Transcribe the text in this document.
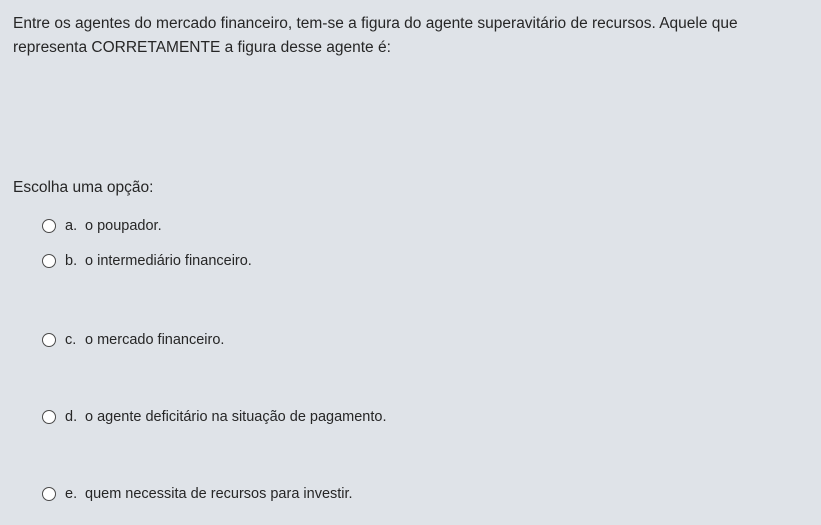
Entre os agentes do mercado financeiro, tem-se a figura do agente superavitário de recursos. Aquele que representa CORRETAMENTE a figura desse agente é:

Escolha uma opção:
a. o poupador.
b. o intermediário financeiro.
c. o mercado financeiro.
d. o agente deficitário na situação de pagamento.
e. quem necessita de recursos para investir.
